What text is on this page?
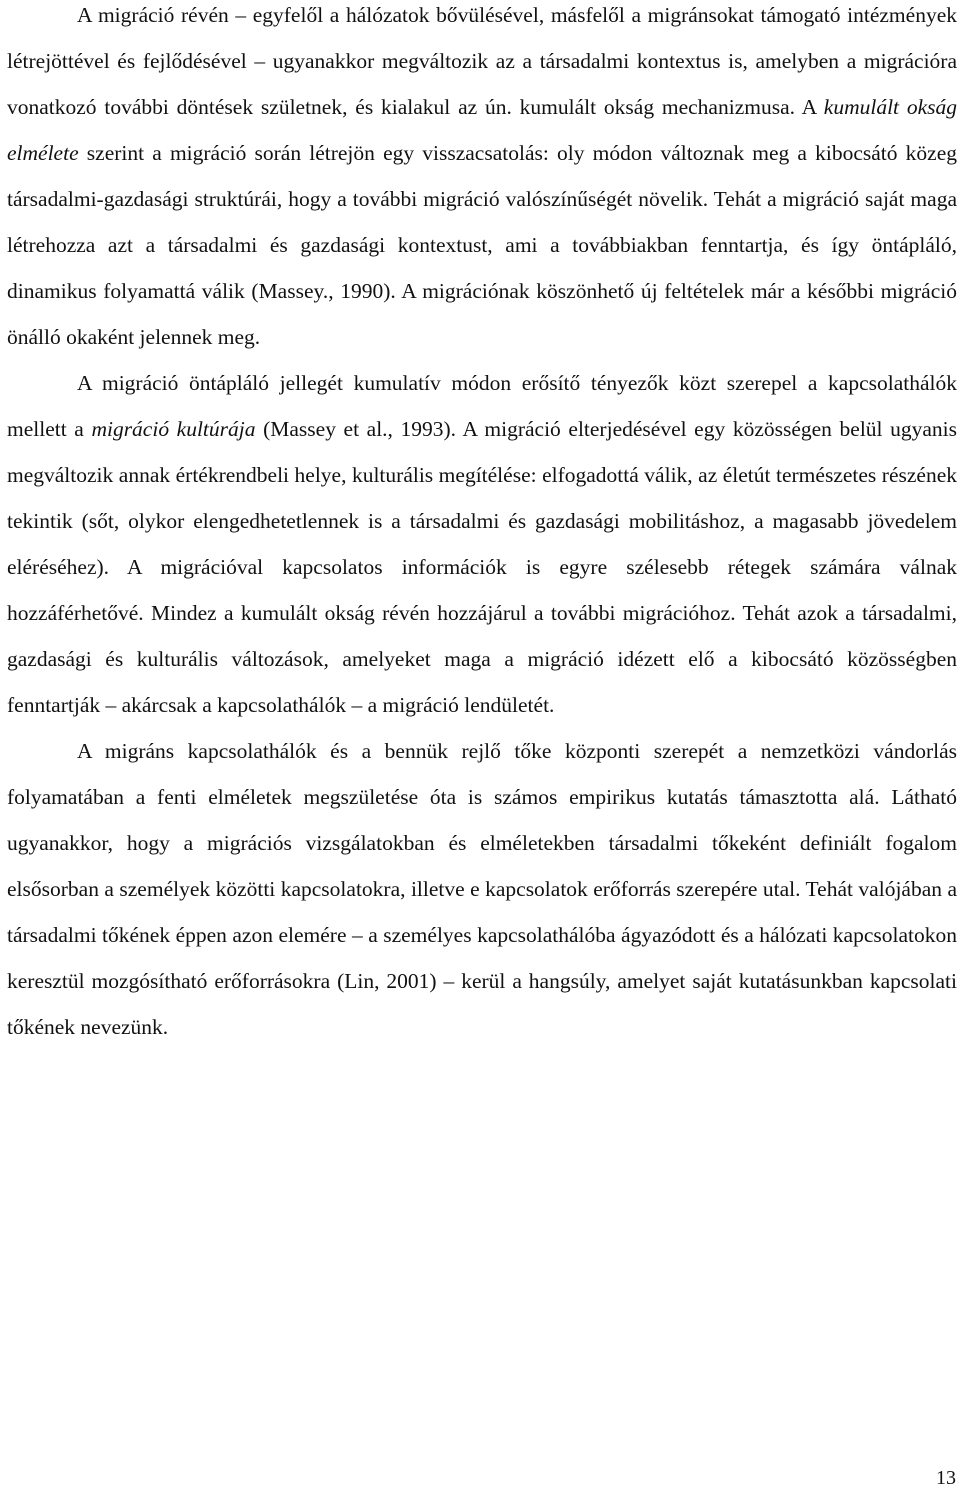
A migráció révén – egyfelől a hálózatok bővülésével, másfelől a migránsokat támogató intézmények létrejöttével és fejlődésével – ugyanakkor megváltozik az a társadalmi kontextus is, amelyben a migrációra vonatkozó további döntések születnek, és kialakul az ún. kumulált okság mechanizmusa. A kumulált okság elmélete szerint a migráció során létrejön egy visszacsatolás: oly módon változnak meg a kibocsátó közeg társadalmi-gazdasági struktúrái, hogy a további migráció valószínűségét növelik. Tehát a migráció saját maga létrehozza azt a társadalmi és gazdasági kontextust, ami a továbbiakban fenntartja, és így öntápláló, dinamikus folyamattá válik (Massey., 1990). A migrációnak köszönhető új feltételek már a későbbi migráció önálló okaként jelennek meg.

A migráció öntápláló jellegét kumulatív módon erősítő tényezők közt szerepel a kapcsolathálók mellett a migráció kultúrája (Massey et al., 1993). A migráció elterjedésével egy közösségen belül ugyanis megváltozik annak értékrendbeli helye, kulturális megítélése: elfogadottá válik, az életút természetes részének tekintik (sőt, olykor elengedhetetlennek is a társadalmi és gazdasági mobilitáshoz, a magasabb jövedelem eléréséhez). A migrációval kapcsolatos információk is egyre szélesebb rétegek számára válnak hozzáférhetővé. Mindez a kumulált okság révén hozzájárul a további migrációhoz. Tehát azok a társadalmi, gazdasági és kulturális változások, amelyeket maga a migráció idézett elő a kibocsátó közösségben fenntartják – akárcsak a kapcsolathálók – a migráció lendületét.

A migráns kapcsolathálók és a bennük rejlő tőke központi szerepét a nemzetközi vándorlás folyamatában a fenti elméletek megszületése óta is számos empirikus kutatás támasztotta alá. Látható ugyanakkor, hogy a migrációs vizsgálatokban és elméletekben társadalmi tőkeként definiált fogalom elsősorban a személyek közötti kapcsolatokra, illetve e kapcsolatok erőforrás szerepére utal. Tehát valójában a társadalmi tőkének éppen azon elemére – a személyes kapcsolathálóba ágyazódott és a hálózati kapcsolatokon keresztül mozgósítható erőforrásokra (Lin, 2001) – kerül a hangsúly, amelyet saját kutatásunkban kapcsolati tőkének nevezünk.

13
